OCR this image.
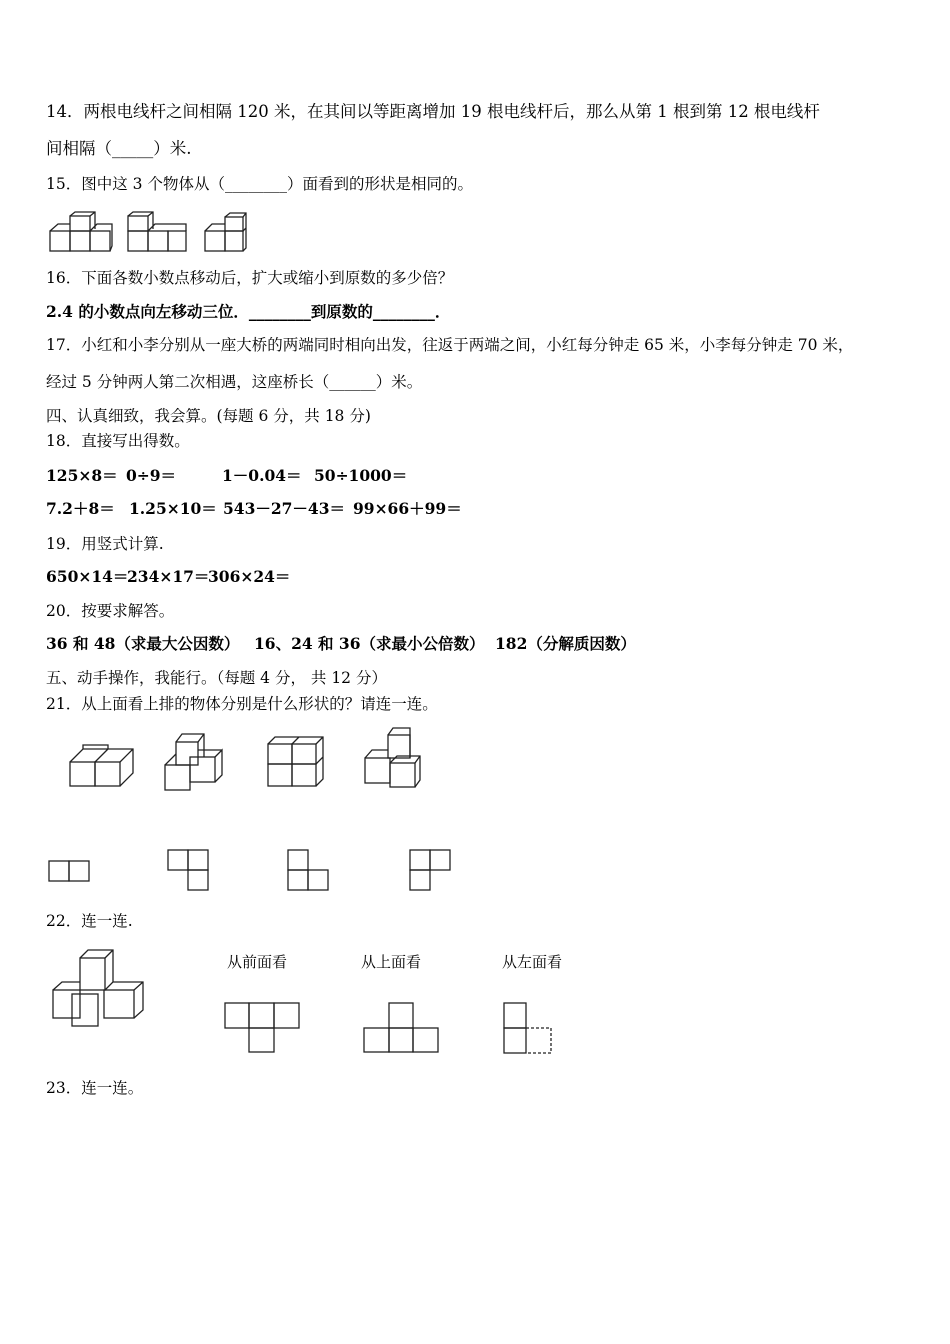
14．两根电线杆之间相隔 120 米，在其间以等距离增加 19 根电线杆后，那么从第 1 根到第 12 根电线杆
间相隔（_____）米.
15．图中这 3 个物体从（________）面看到的形状是相同的。
16．下面各数小数点移动后，扩大或缩小到原数的多少倍？
2.4 的小数点向左移动三位．________到原数的________．
17．小红和小李分别从一座大桥的两端同时相向出发，往返于两端之间，小红每分钟走 65 米，小李每分钟走 70 米，
经过 5 分钟两人第二次相遇，这座桥长（______）米。
四、认真细致，我会算。(每题 6 分，共 18 分)
18．直接写出得数。
125×8＝ 0÷9＝	1－0.04＝ 50÷1000＝
7.2＋8＝ 1.25×10＝ 543－27－43＝ 99×66＋99＝
19．用竖式计算.
650×14＝234×17＝306×24＝
20．按要求解答。
36 和 48（求最大公因数） 16、24 和 36（求最小公倍数） 182（分解质因数）
五、动手操作，我能行。（每题 4 分， 共 12 分）
21．从上面看上排的物体分别是什么形状的？请连一连。
22．连一连.
从前面看	从上面看	从左面看
23．连一连。
